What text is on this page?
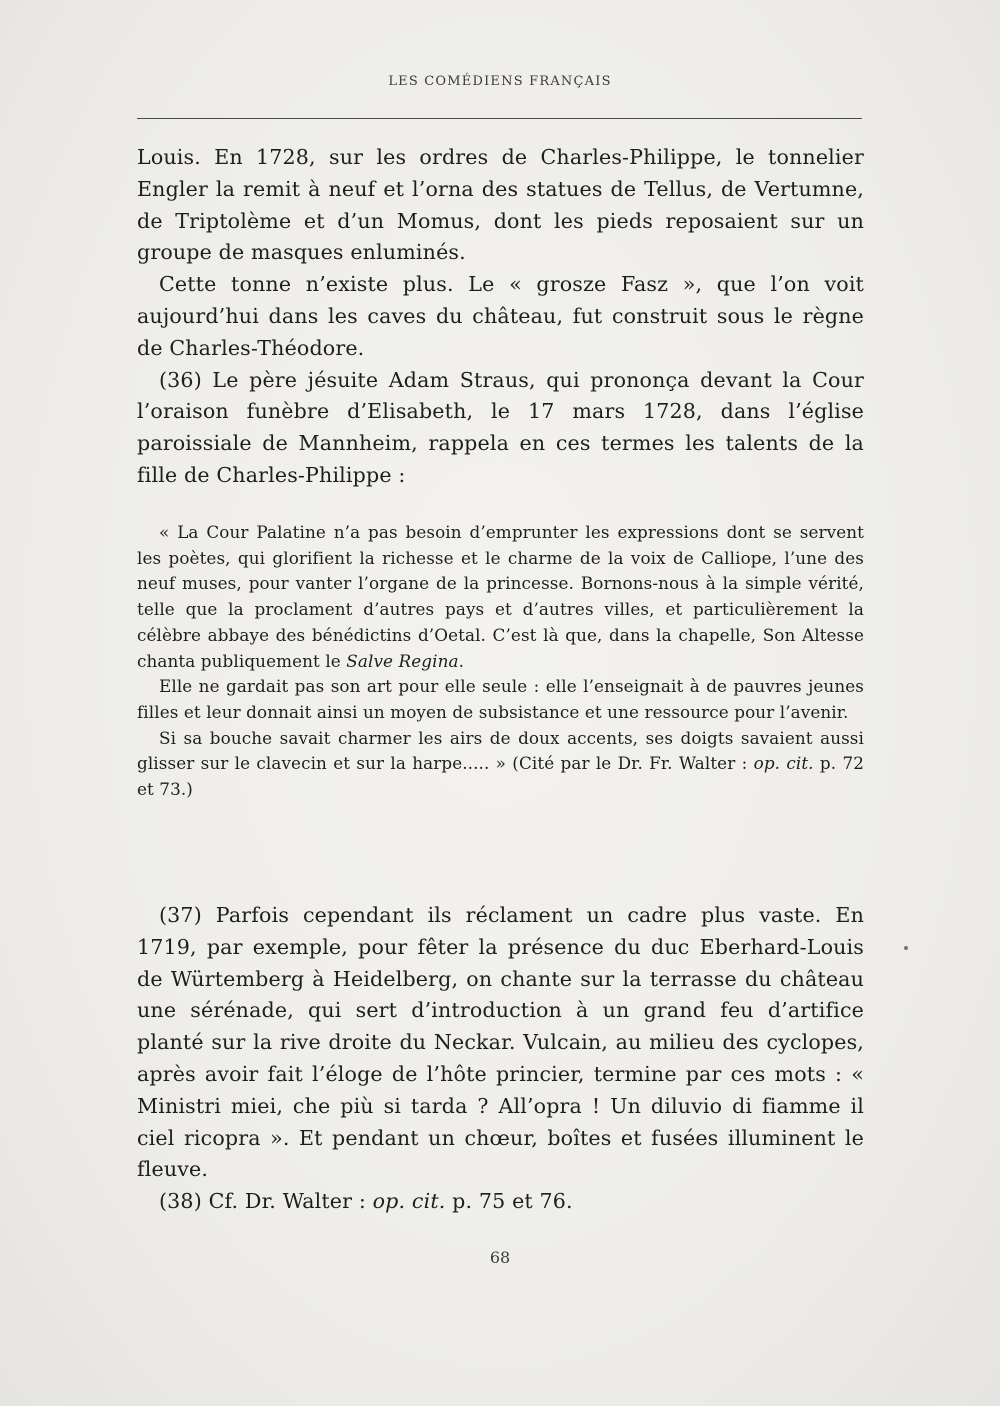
LES COMÉDIENS FRANÇAIS

Louis. En 1728, sur les ordres de Charles-Philippe, le tonnelier Engler la remit à neuf et l’orna des statues de Tellus, de Vertumne, de Triptolème et d’un Momus, dont les pieds reposaient sur un groupe de masques enluminés.

Cette tonne n’existe plus. Le « grosze Fasz », que l’on voit aujourd’hui dans les caves du château, fut construit sous le règne de Charles-Théodore.

(36) Le père jésuite Adam Straus, qui prononça devant la Cour l’oraison funèbre d’Elisabeth, le 17 mars 1728, dans l’église paroissiale de Mannheim, rappela en ces termes les talents de la fille de Charles-Philippe :

« La Cour Palatine n’a pas besoin d’emprunter les expressions dont se servent les poètes, qui glorifient la richesse et le charme de la voix de Calliope, l’une des neuf muses, pour vanter l’organe de la princesse. Bornons-nous à la simple vérité, telle que la proclament d’autres pays et d’autres villes, et particulièrement la célèbre abbaye des bénédictins d’Oetal. C’est là que, dans la chapelle, Son Altesse chanta publiquement le Salve Regina.

Elle ne gardait pas son art pour elle seule : elle l’enseignait à de pauvres jeunes filles et leur donnait ainsi un moyen de subsistance et une ressource pour l’avenir.

Si sa bouche savait charmer les airs de doux accents, ses doigts savaient aussi glisser sur le clavecin et sur la harpe..... » (Cité par le Dr. Fr. Walter : op. cit. p. 72 et 73.)

(37) Parfois cependant ils réclament un cadre plus vaste. En 1719, par exemple, pour fêter la présence du duc Eberhard-Louis de Würtemberg à Heidelberg, on chante sur la terrasse du château une sérénade, qui sert d’introduction à un grand feu d’artifice planté sur la rive droite du Neckar. Vulcain, au milieu des cyclopes, après avoir fait l’éloge de l’hôte princier, termine par ces mots : « Ministri miei, che più si tarda ? All’opra ! Un diluvio di fiamme il ciel ricopra ». Et pendant un chœur, boîtes et fusées illuminent le fleuve.

(38) Cf. Dr. Walter : op. cit. p. 75 et 76.

68
